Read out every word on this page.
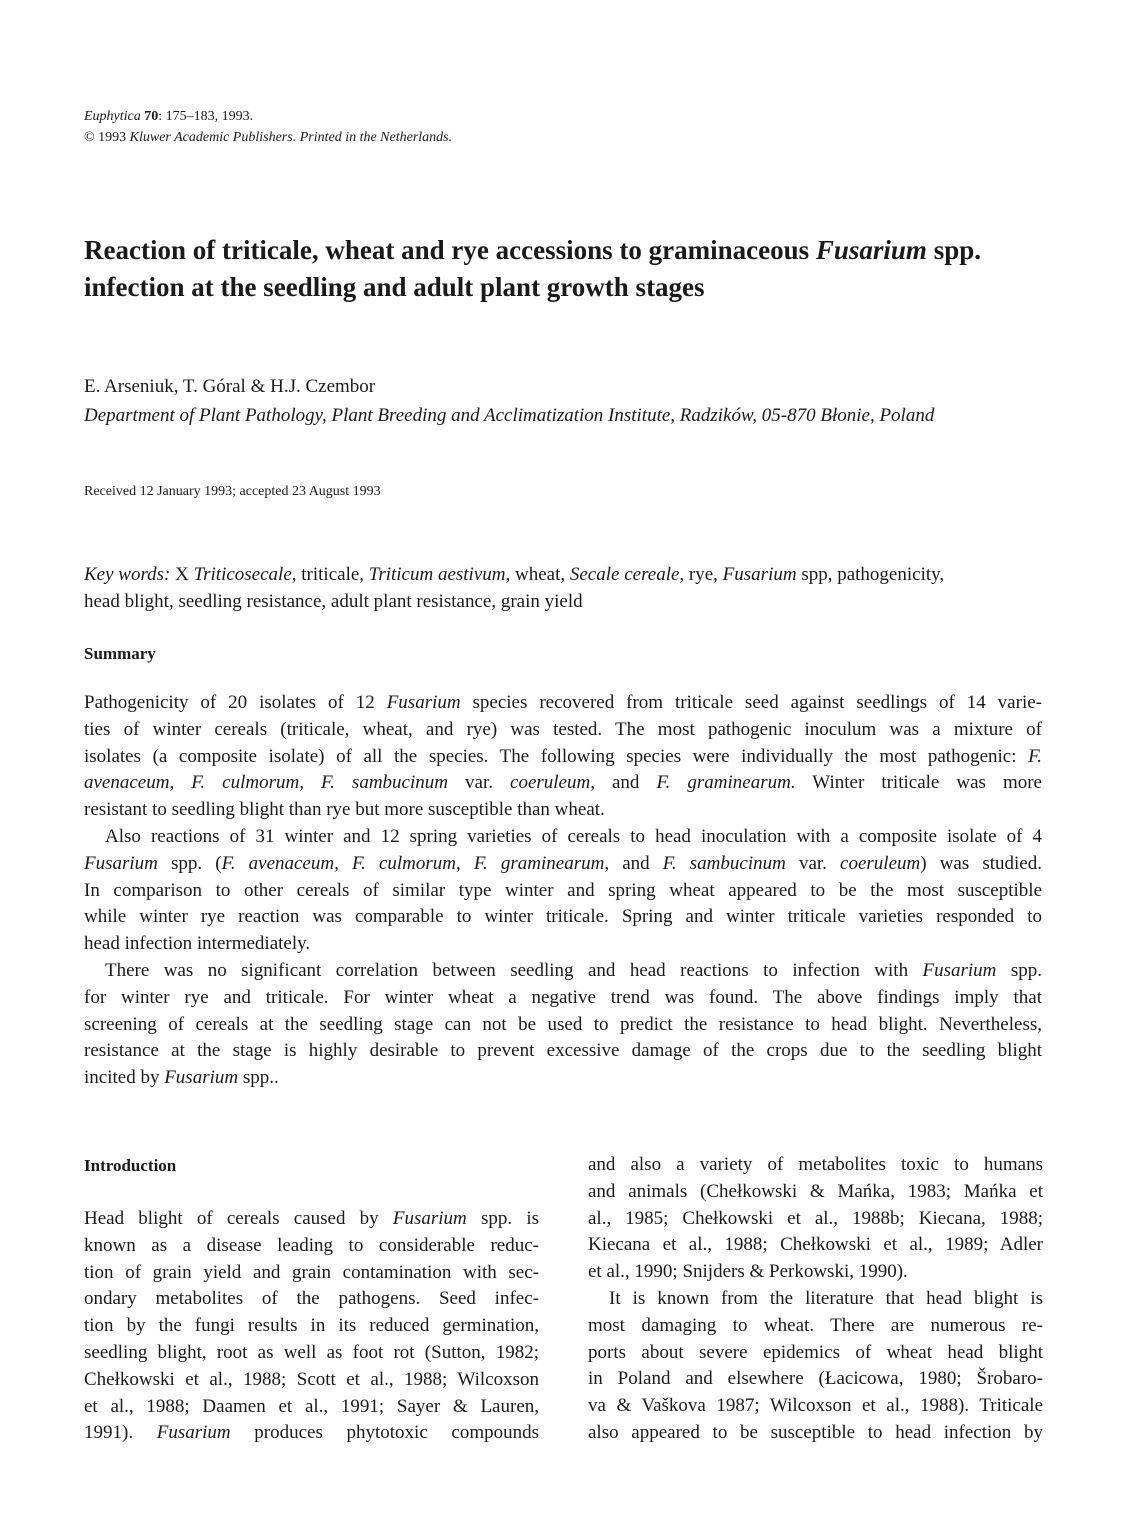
Euphytica 70: 175–183, 1993.
© 1993 Kluwer Academic Publishers. Printed in the Netherlands.
Reaction of triticale, wheat and rye accessions to graminaceous Fusarium spp. infection at the seedling and adult plant growth stages
E. Arseniuk, T. Góral & H.J. Czembor
Department of Plant Pathology, Plant Breeding and Acclimatization Institute, Radzików, 05-870 Błonie, Poland
Received 12 January 1993; accepted 23 August 1993
Key words: X Triticosecale, triticale, Triticum aestivum, wheat, Secale cereale, rye, Fusarium spp, pathogenicity,
head blight, seedling resistance, adult plant resistance, grain yield
Summary
Pathogenicity of 20 isolates of 12 Fusarium species recovered from triticale seed against seedlings of 14 varie-
ties of winter cereals (triticale, wheat, and rye) was tested. The most pathogenic inoculum was a mixture of
isolates (a composite isolate) of all the species. The following species were individually the most pathogenic: F.
avenaceum, F. culmorum, F. sambucinum var. coeruleum, and F. graminearum. Winter triticale was more
resistant to seedling blight than rye but more susceptible than wheat.
Also reactions of 31 winter and 12 spring varieties of cereals to head inoculation with a composite isolate of 4
Fusarium spp. (F. avenaceum, F. culmorum, F. graminearum, and F. sambucinum var. coeruleum) was studied.
In comparison to other cereals of similar type winter and spring wheat appeared to be the most susceptible
while winter rye reaction was comparable to winter triticale. Spring and winter triticale varieties responded to
head infection intermediately.
There was no significant correlation between seedling and head reactions to infection with Fusarium spp.
for winter rye and triticale. For winter wheat a negative trend was found. The above findings imply that
screening of cereals at the seedling stage can not be used to predict the resistance to head blight. Nevertheless,
resistance at the stage is highly desirable to prevent excessive damage of the crops due to the seedling blight
incited by Fusarium spp..
Introduction
Head blight of cereals caused by Fusarium spp. is
known as a disease leading to considerable reduc-
tion of grain yield and grain contamination with sec-
ondary metabolites of the pathogens. Seed infec-
tion by the fungi results in its reduced germination,
seedling blight, root as well as foot rot (Sutton, 1982;
Chełkowski et al., 1988; Scott et al., 1988; Wilcoxson
et al., 1988; Daamen et al., 1991; Sayer & Lauren,
1991). Fusarium produces phytotoxic compounds
and also a variety of metabolites toxic to humans
and animals (Chełkowski & Mańka, 1983; Mańka et
al., 1985; Chełkowski et al., 1988b; Kiecana, 1988;
Kiecana et al., 1988; Chełkowski et al., 1989; Adler
et al., 1990; Snijders & Perkowski, 1990).
It is known from the literature that head blight is
most damaging to wheat. There are numerous re-
ports about severe epidemics of wheat head blight
in Poland and elsewhere (Łacicowa, 1980; Šrobaro-
va & Vaškova 1987; Wilcoxson et al., 1988). Triticale
also appeared to be susceptible to head infection by
